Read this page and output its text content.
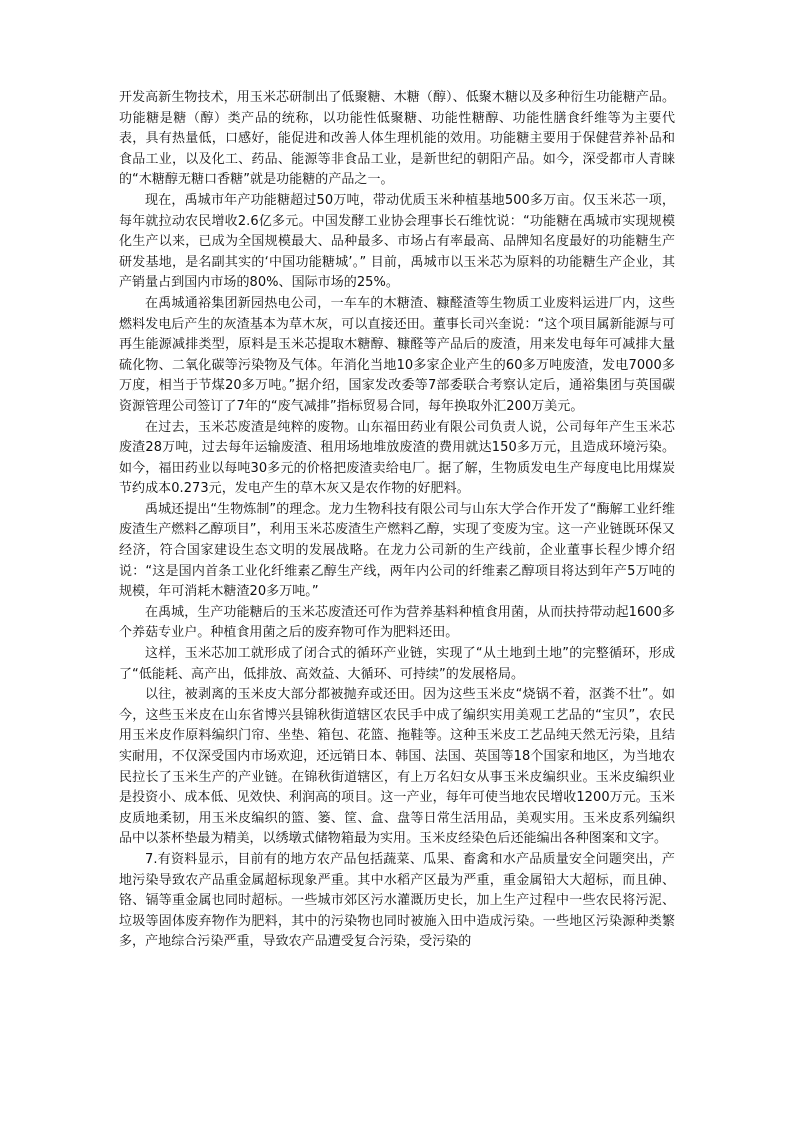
开发高新生物技术，用玉米芯研制出了低聚糖、木糖（醇）、低聚木糖以及多种衍生功能糖产品。功能糖是糖（醇）类产品的统称，以功能性低聚糖、功能性糖醇、功能性膳食纤维等为主要代表，具有热量低，口感好，能促进和改善人体生理机能的效用。功能糖主要用于保健营养补品和食品工业，以及化工、药品、能源等非食品工业，是新世纪的朝阳产品。如今，深受都市人青睐的“木糖醇无糖口香糖”就是功能糖的产品之一。

现在，禹城市年产功能糖超过50万吨，带动优质玉米种植基地500多万亩。仅玉米芯一项，每年就拉动农民增收2.6亿多元。中国发酵工业协会理事长石维忱说：“功能糖在禹城市实现规模化生产以来，已成为全国规模最大、品种最多、市场占有率最高、品牌知名度最好的功能糖生产研发基地，是名副其实的‘中国功能糖城’。” 目前，禹城市以玉米芯为原料的功能糖生产企业，其产销量占到国内市场的80%、国际市场的25%。

在禹城通裕集团新园热电公司，一车车的木糖渣、糠醛渣等生物质工业废料运进厂内，这些燃料发电后产生的灰渣基本为草木灰，可以直接还田。董事长司兴奎说：“这个项目属新能源与可再生能源减排类型，原料是玉米芯提取木糖醇、糠醛等产品后的废渣，用来发电每年可减排大量硫化物、二氧化碳等污染物及气体。年消化当地10多家企业产生的60多万吨废渣，发电7000多万度，相当于节煤20多万吨。”据介绍，国家发改委等7部委联合考察认定后，通裕集团与英国碳资源管理公司签订了7年的“废气减排”指标贸易合同，每年换取外汇200万美元。

在过去，玉米芯废渣是纯粹的废物。山东福田药业有限公司负责人说，公司每年产生玉米芯废渣28万吨，过去每年运输废渣、租用场地堆放废渣的费用就达150多万元，且造成环境污染。如今，福田药业以每吨30多元的价格把废渣卖给电厂。据了解，生物质发电生产每度电比用煤炭节约成本0.273元，发电产生的草木灰又是农作物的好肥料。

禹城还提出“生物炼制”的理念。龙力生物科技有限公司与山东大学合作开发了“酶解工业纤维废渣生产燃料乙醇项目”，利用玉米芯废渣生产燃料乙醇，实现了变废为宝。这一产业链既环保又经济，符合国家建设生态文明的发展战略。在龙力公司新的生产线前，企业董事长程少博介绍说：“这是国内首条工业化纤维素乙醇生产线，两年内公司的纤维素乙醇项目将达到年产5万吨的规模，年可消耗木糖渣20多万吨。”

在禹城，生产功能糖后的玉米芯废渣还可作为营养基料种植食用菌，从而扶持带动起1600多个养菇专业户。种植食用菌之后的废弃物可作为肥料还田。

这样，玉米芯加工就形成了闭合式的循环产业链，实现了“从土地到土地”的完整循环，形成了“低能耗、高产出，低排放、高效益、大循环、可持续”的发展格局。

以往，被剥离的玉米皮大部分都被抛弃或还田。因为这些玉米皮“烧锅不着，沤粪不壮”。如今，这些玉米皮在山东省博兴县锦秋街道辖区农民手中成了编织实用美观工艺品的“宝贝”，农民用玉米皮作原料编织门帘、坐垫、箱包、花篮、拖鞋等。这种玉米皮工艺品纯天然无污染，且结实耐用，不仅深受国内市场欢迎，还远销日本、韩国、法国、英国等18个国家和地区，为当地农民拉长了玉米生产的产业链。在锦秋街道辖区，有上万名妇女从事玉米皮编织业。玉米皮编织业是投资小、成本低、见效快、利润高的项目。这一产业，每年可使当地农民增收1200万元。玉米皮质地柔韧，用玉米皮编织的篮、篓、筐、盒、盘等日常生活用品，美观实用。玉米皮系列编织品中以茶杯垫最为精美，以绣墩式储物箱最为实用。玉米皮经染色后还能编出各种图案和文字。

7.有资料显示，目前有的地方农产品包括蔬菜、瓜果、畜禽和水产品质量安全问题突出，产地污染导致农产品重金属超标现象严重。其中水稻产区最为严重，重金属铅大大超标，而且砷、铬、镉等重金属也同时超标。一些城市郊区污水灌溉历史长，加上生产过程中一些农民将污泥、垃圾等固体废弃物作为肥料，其中的污染物也同时被施入田中造成污染。一些地区污染源种类繁多，产地综合污染严重，导致农产品遭受复合污染，受污染的
